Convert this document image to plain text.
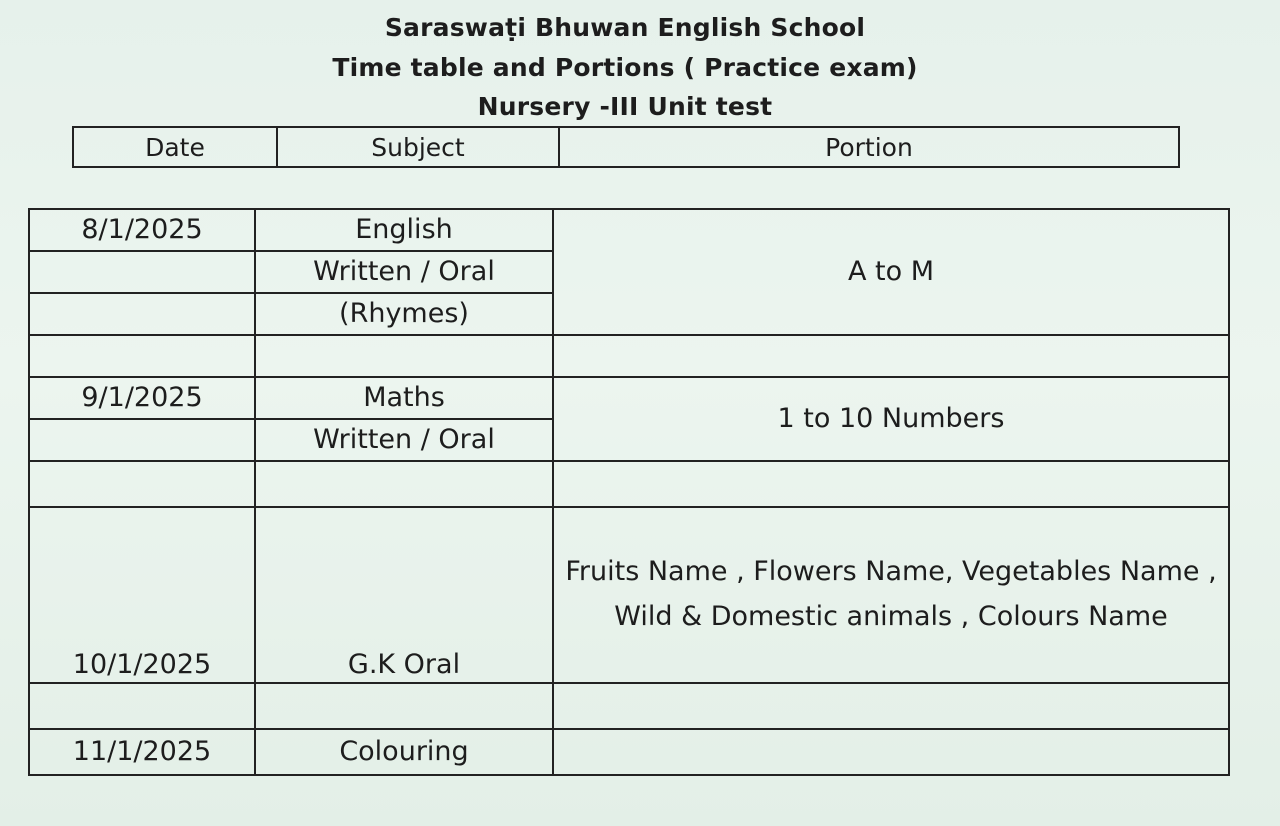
Saraswaṭi Bhuwan English School
Time table and Portions ( Practice exam)
Nursery -III Unit test
Date	Subject	Portion
8/1/2025	English	A to M
	Written / Oral	
	(Rhymes)	

9/1/2025	Maths	1 to 10 Numbers
	Written / Oral	

10/1/2025	G.K Oral	Fruits Name , Flowers Name, Vegetables Name , Wild & Domestic animals , Colours Name

11/1/2025	Colouring	
